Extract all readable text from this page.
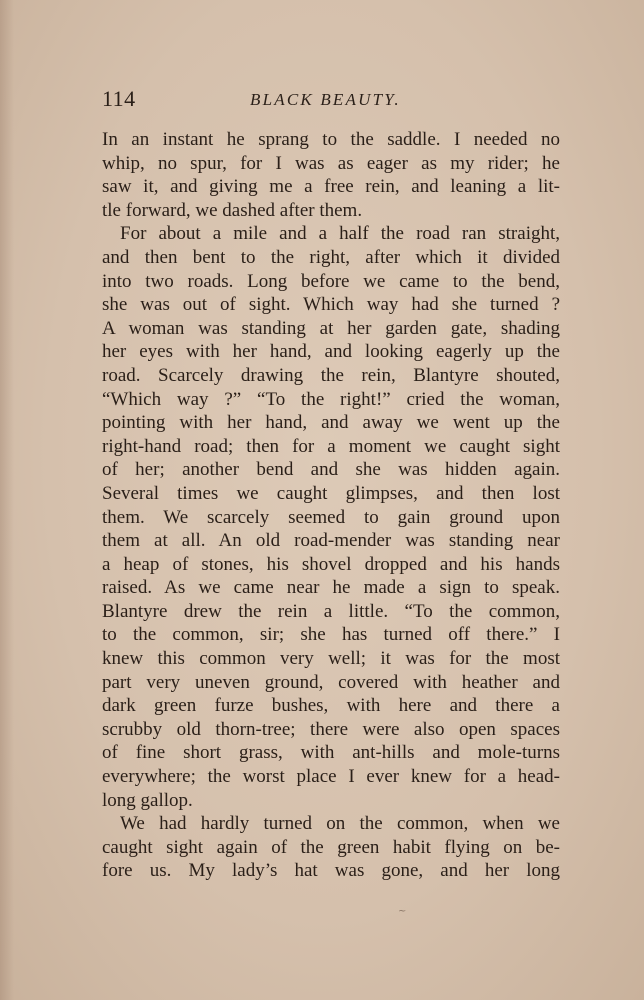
114	BLACK BEAUTY.
In an instant he sprang to the saddle. I needed no
whip, no spur, for I was as eager as my rider; he
saw it, and giving me a free rein, and leaning a lit-
tle forward, we dashed after them.
For about a mile and a half the road ran straight,
and then bent to the right, after which it divided
into two roads. Long before we came to the bend,
she was out of sight. Which way had she turned ?
A woman was standing at her garden gate, shading
her eyes with her hand, and looking eagerly up the
road. Scarcely drawing the rein, Blantyre shouted,
“Which way ?” “To the right!” cried the woman,
pointing with her hand, and away we went up the
right-hand road; then for a moment we caught sight
of her; another bend and she was hidden again.
Several times we caught glimpses, and then lost
them. We scarcely seemed to gain ground upon
them at all. An old road-mender was standing near
a heap of stones, his shovel dropped and his hands
raised. As we came near he made a sign to speak.
Blantyre drew the rein a little. “To the common,
to the common, sir; she has turned off there.” I
knew this common very well; it was for the most
part very uneven ground, covered with heather and
dark green furze bushes, with here and there a
scrubby old thorn-tree; there were also open spaces
of fine short grass, with ant-hills and mole-turns
everywhere; the worst place I ever knew for a head-
long gallop.
We had hardly turned on the common, when we
caught sight again of the green habit flying on be-
fore us. My lady’s hat was gone, and her long
~
